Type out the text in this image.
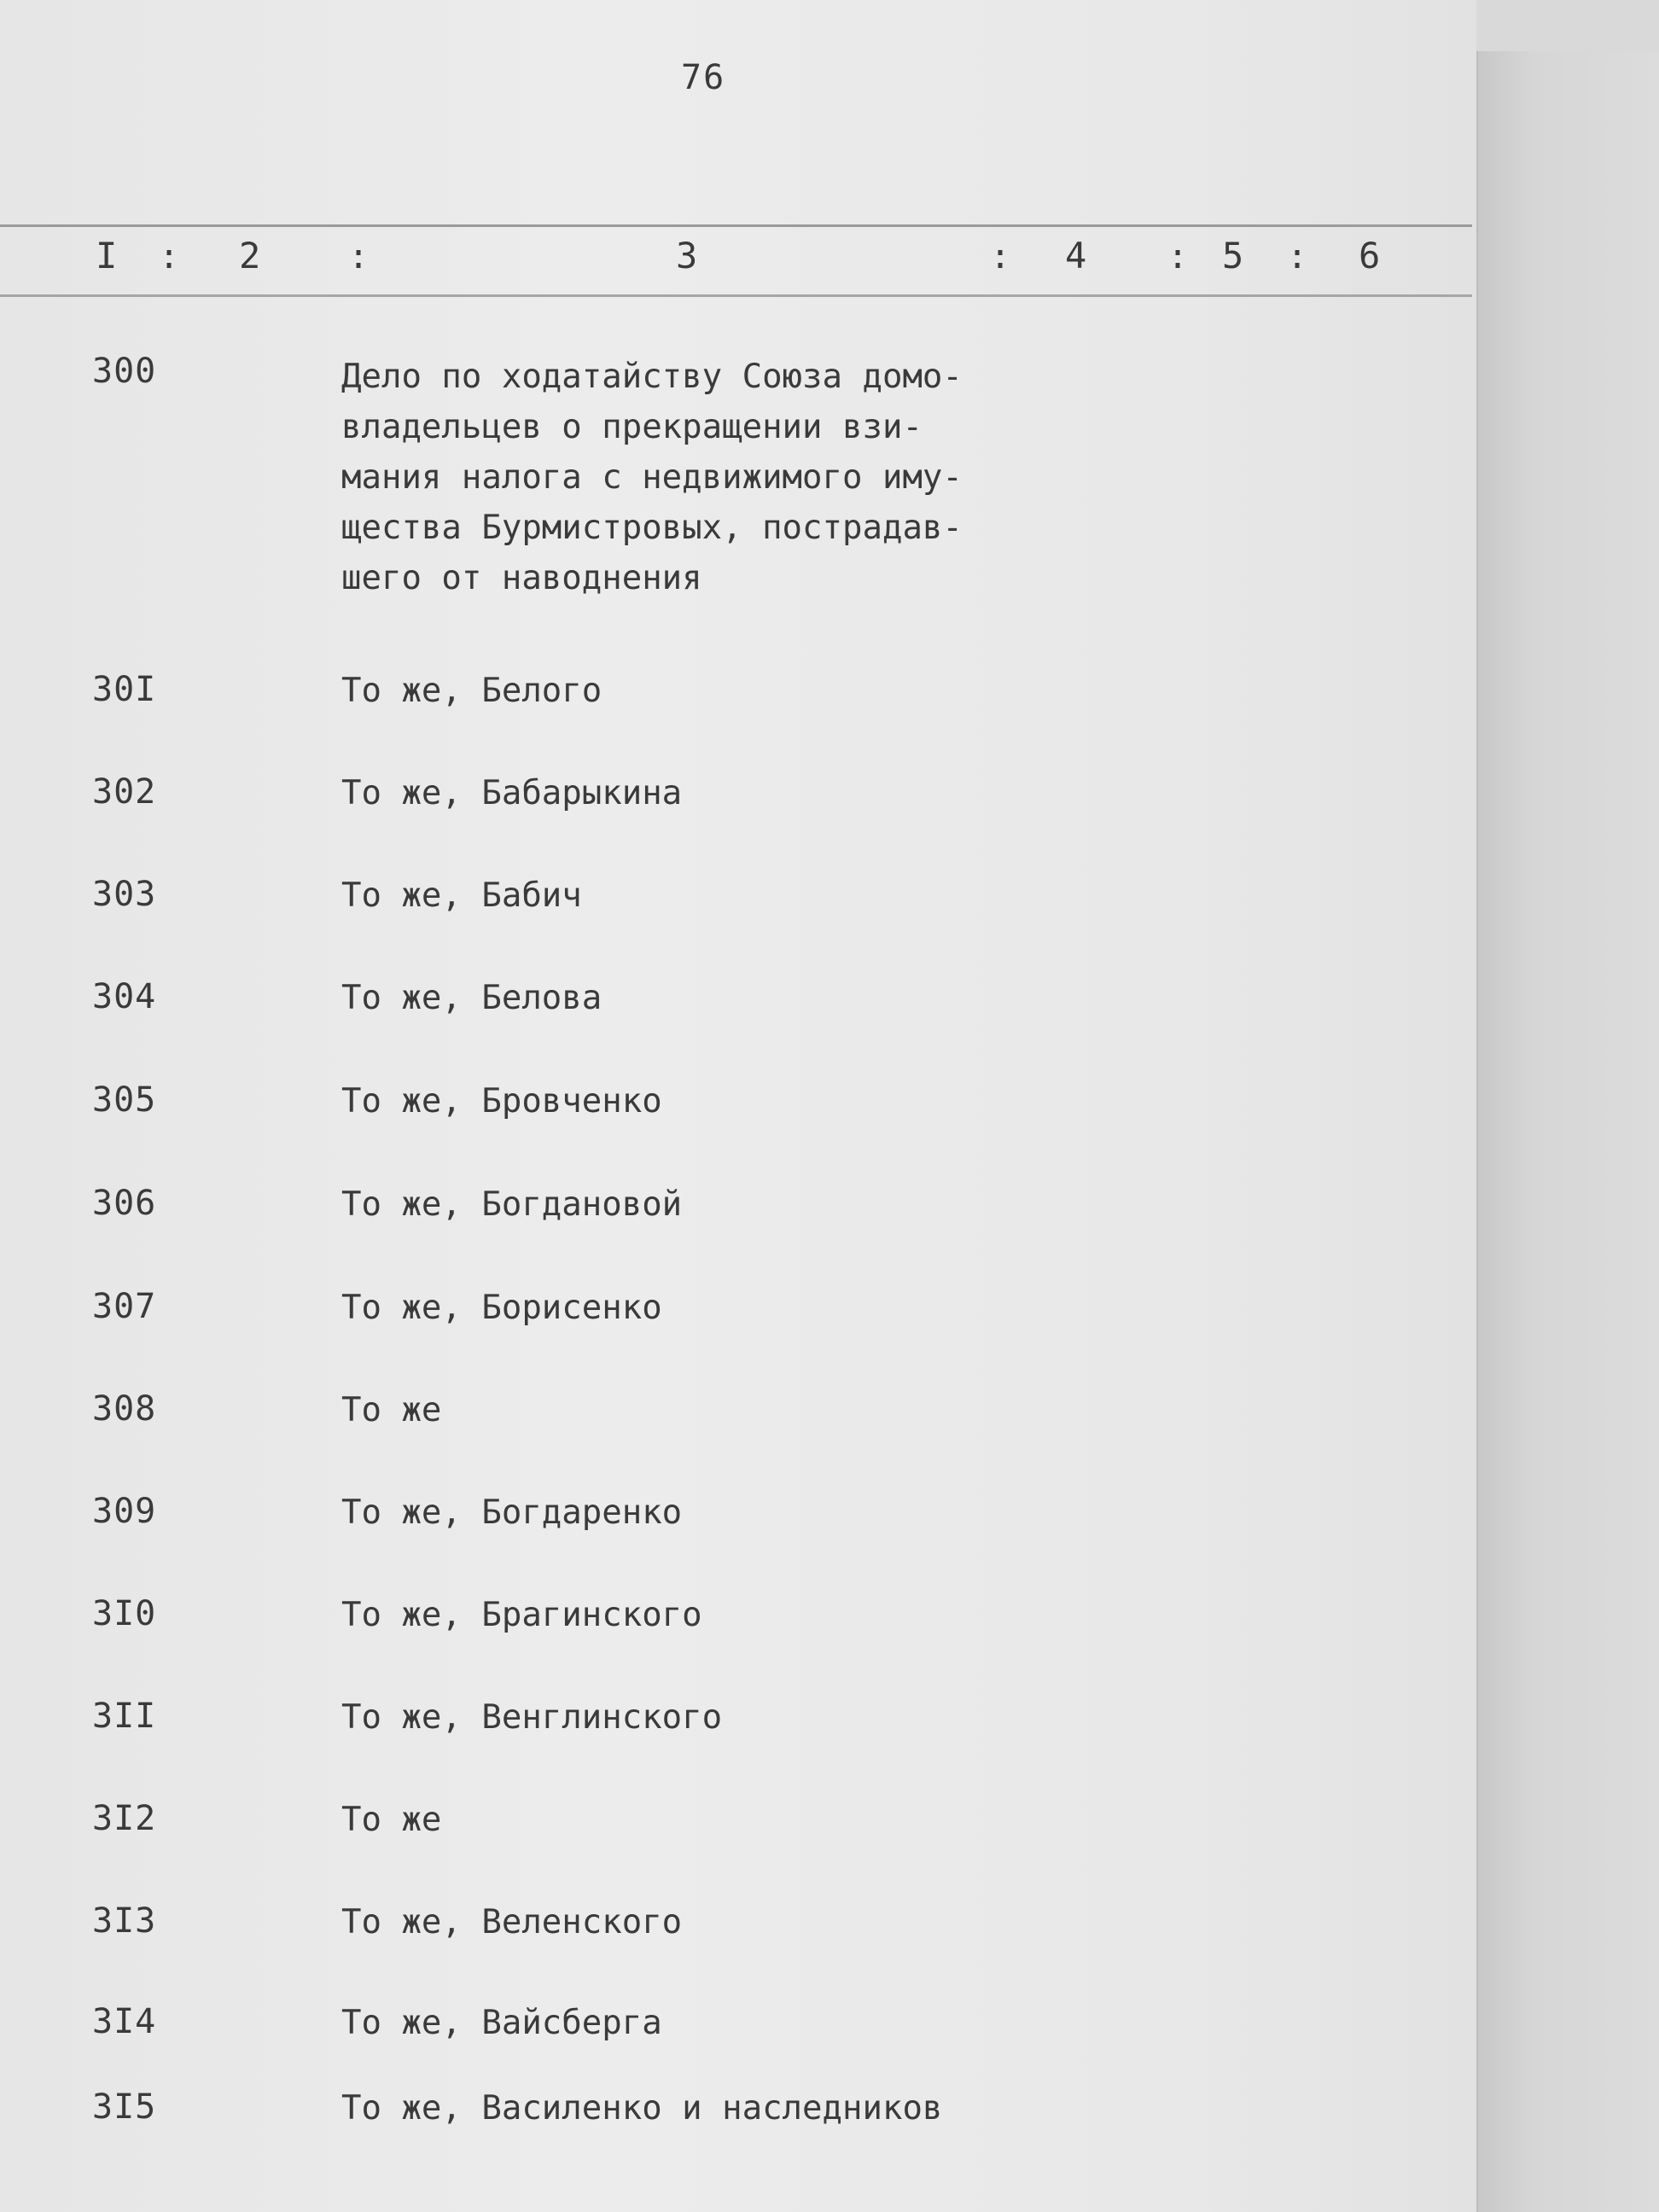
76
I : 2	:	3	: 4 : 5 : 6
300	Дело по ходатайству Союза домо-
владельцев о прекращении взи-
мания налога с недвижимого иму-
щества Бурмистровых, пострадав-
шего от наводнения
30I	То же, Белого
302	То же, Бабарыкина
303	То же, Бабич
304	То же, Белова
305	То же, Бровченко
306	То же, Богдановой
307	То же, Борисенко
308	То же
309	То же, Богдаренко
3I0	То же, Брагинского
3II	То же, Венглинского
3I2	То же
3I3	То же, Веленского
3I4	То же, Вайсберга
3I5	То же, Василенко и наследников
